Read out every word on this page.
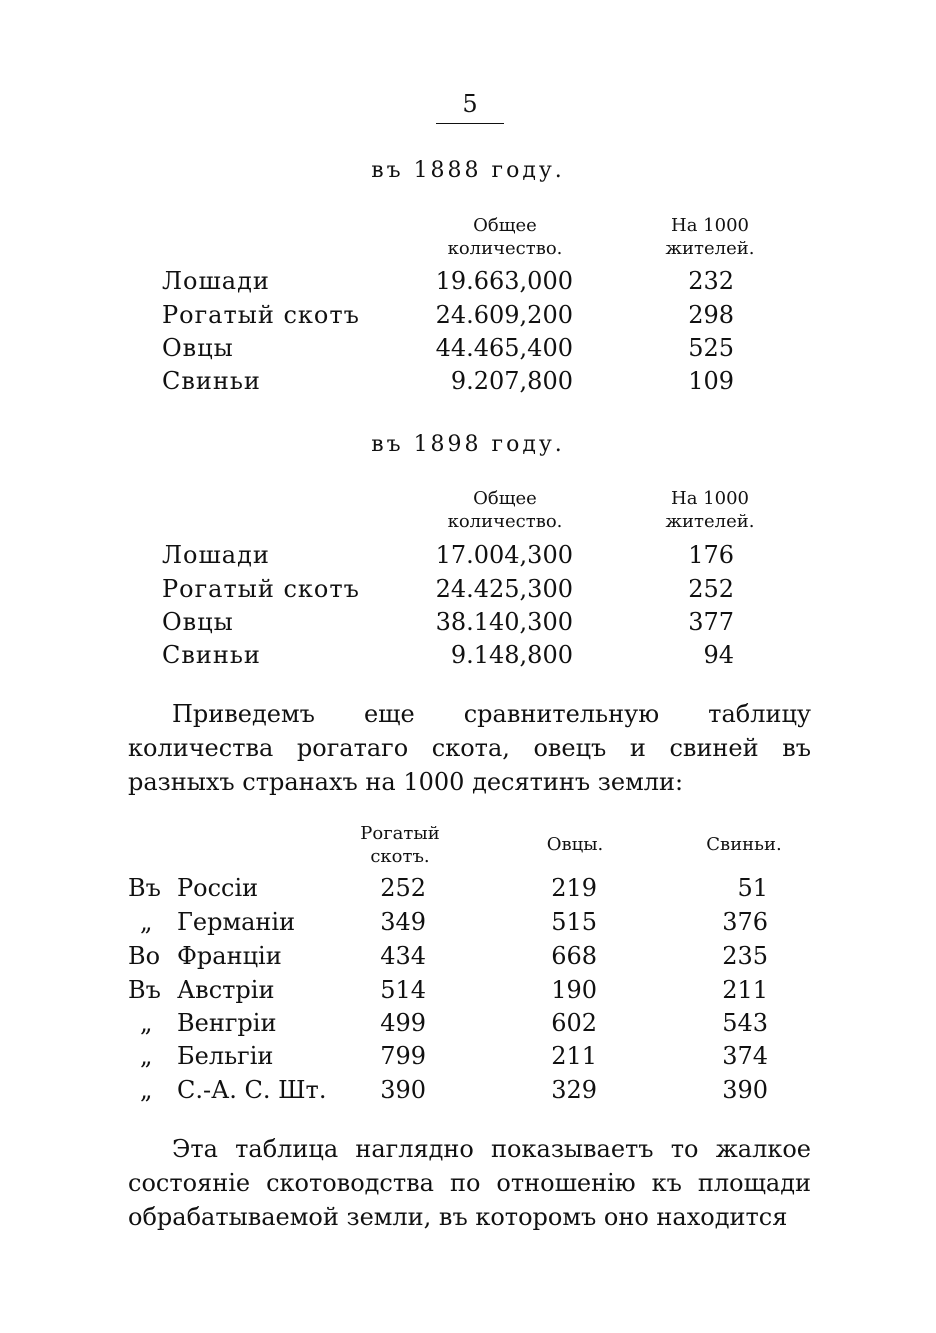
5
въ 1888 году.
Общее количество.
На 1000 жителей.
Лошади	19.663,000	232
Рогатый скотъ	24.609,200	298
Овцы	44.465,400	525
Свиньи	9.207,800	109
въ 1898 году.
Общее количество.
На 1000 жителей.
Лошади	17.004,300	176
Рогатый скотъ	24.425,300	252
Овцы	38.140,300	377
Свиньи	9.148,800	94
Приведемъ еще сравнительную таблицу количества рогатаго скота, овецъ и свиней въ разныхъ странахъ на 1000 десятинъ земли:
Рогатый скотъ.
Овцы.	Свиньи.
Въ Россіи	252	219	51
„	Германіи	349	515	376
Во Франціи	434	668	235
Въ Австріи	514	190	211
„	Венгріи	499	602	543
„	Бельгіи	799	211	374
„	С.-А. С. Шт. 390	329	390
Эта таблица наглядно показываетъ то жалкое состояніе скотоводства по отношенію къ площади обрабатываемой земли, въ которомъ оно находится
